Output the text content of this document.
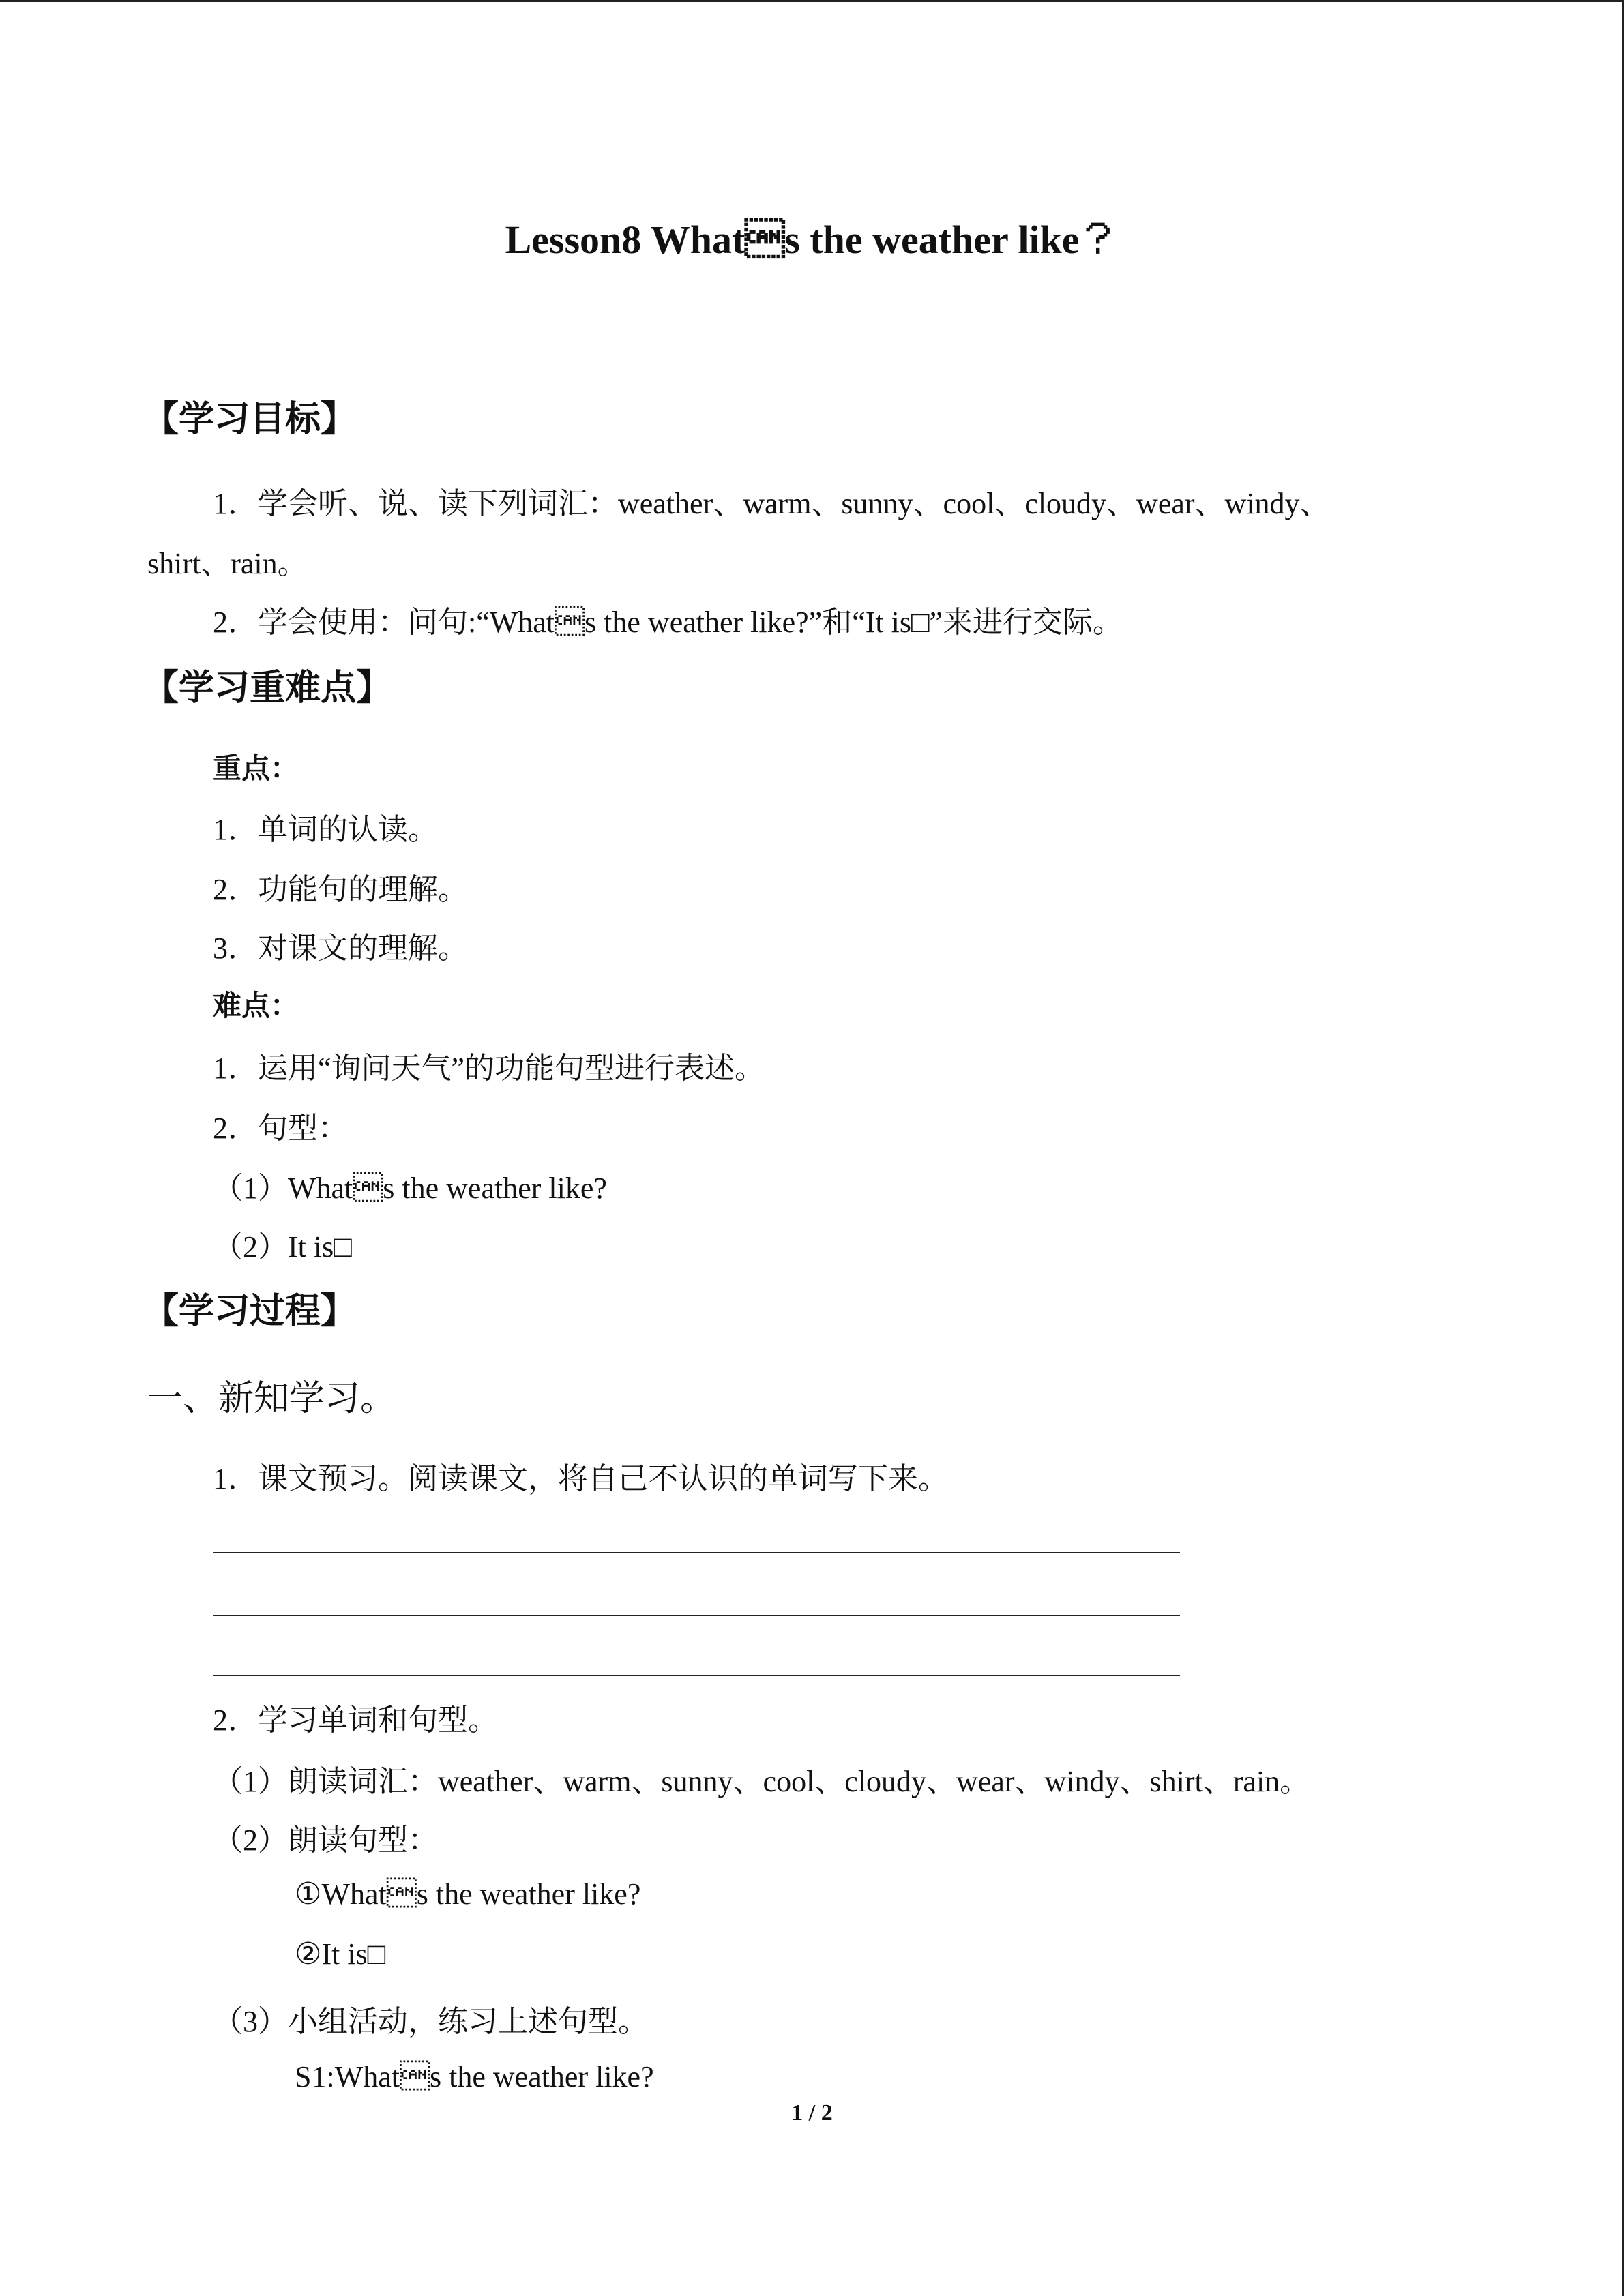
Lesson8 Whats the weather like？
【学习目标】
1．学会听、说、读下列词汇：weather、warm、sunny、cool、cloudy、wear、windy、
shirt、rain。
2．学会使用：问句:“Whats the weather like?”和“It is□”来进行交际。
【学习重难点】
重点：
1．单词的认读。
2．功能句的理解。
3．对课文的理解。
难点：
1．运用“询问天气”的功能句型进行表述。
2．句型：
（1）Whats the weather like?
（2）It is□
【学习过程】
一、新知学习。
1．课文预习。阅读课文，将自己不认识的单词写下来。
2．学习单词和句型。
（1）朗读词汇：weather、warm、sunny、cool、cloudy、wear、windy、shirt、rain。
（2）朗读句型：
①Whats the weather like?
②It is□
（3）小组活动，练习上述句型。
S1:Whats the weather like?
1 / 2
